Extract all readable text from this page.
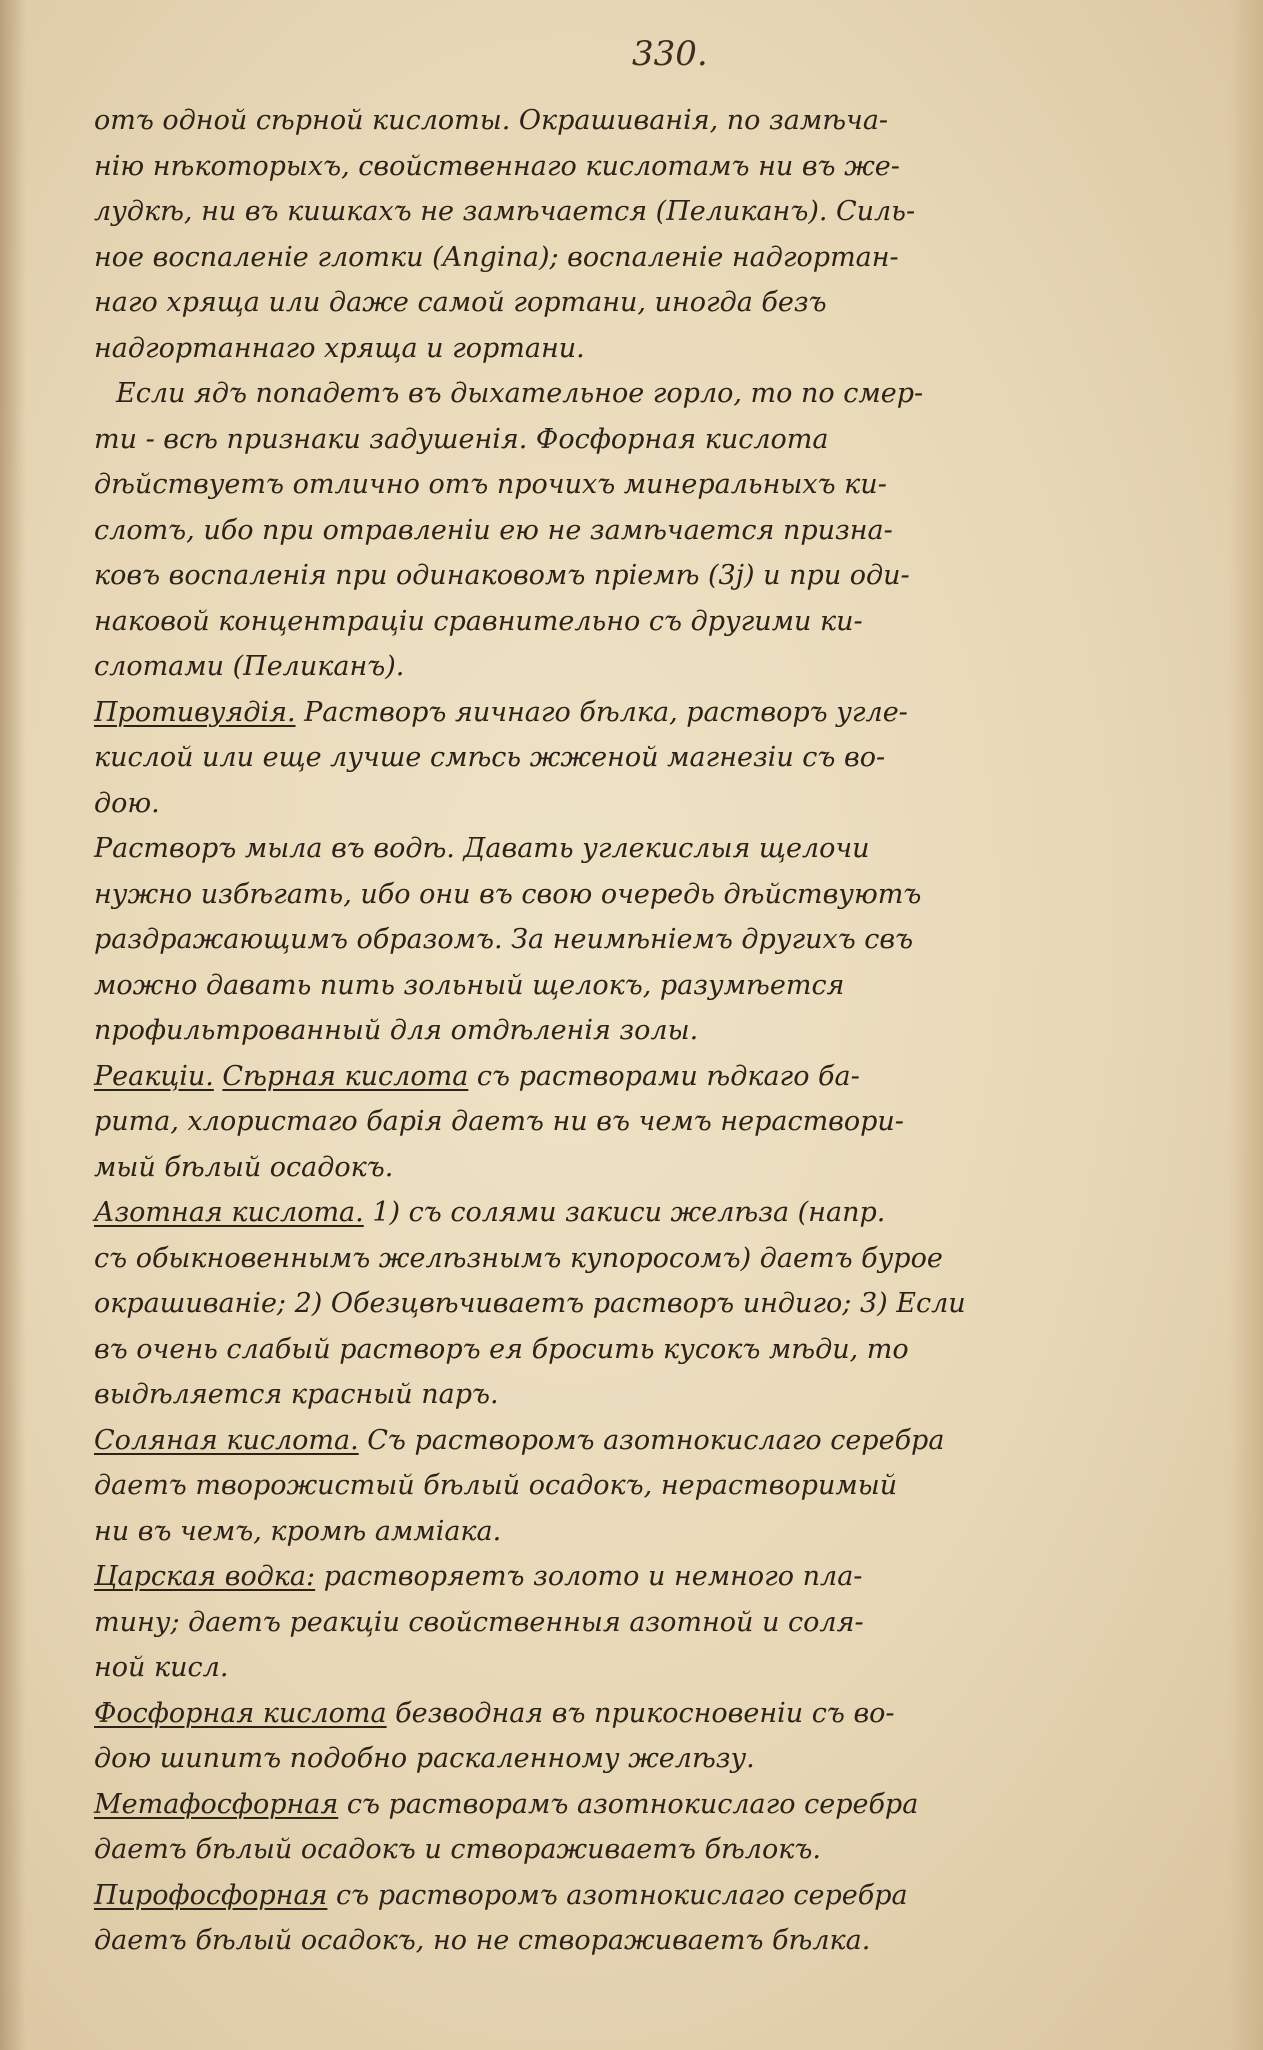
330.
отъ одной сѣрной кислоты. Окрашиванія, по замѣча-
нію нѣкоторыхъ, свойственнаго кислотамъ ни въ же-
лудкѣ, ни въ кишкахъ не замѣчается (Пеликанъ). Силь-
ное воспаленіе глотки (Angina); воспаленіе надгортан-
наго хряща или даже самой гортани, иногда безъ
надгортаннаго хряща и гортани.
Если ядъ попадетъ въ дыхательное горло, то по смер-
ти - всѣ признаки задушенія. Фосфорная кислота
дѣйствуетъ отлично отъ прочихъ минеральныхъ ки-
слотъ, ибо при отравленіи ею не замѣчается призна-
ковъ воспаленія при одинаковомъ пріемѣ (3j) и при оди-
наковой концентраціи сравнительно съ другими ки-
слотами (Пеликанъ).
Противуядія. Растворъ яичнаго бѣлка, растворъ углe-
кислой или еще лучше смѣсь жженой магнезіи съ во-
дою.
Растворъ мыла въ водѣ. Давать углекислыя щелочи
нужно избѣгать, ибо они въ свою очередь дѣйствуютъ
раздражающимъ образомъ. За неимѣніемъ другихъ свъ
можно давать пить зольный щелокъ, разумѣется
профильтрованный для отдѣленія золы.
Реакціи. Сѣрная кислота съ растворами ѣдкаго ба-
рита, хлористаго барія даетъ ни въ чемъ нераствори-
мый бѣлый осадокъ.
Азотная кислота. 1) съ солями закиси желѣза (напр.
съ обыкновеннымъ желѣзнымъ купоросомъ) даетъ бурое
окрашиваніе; 2) Обезцвѣчиваетъ растворъ индиго; 3) Если
въ очень слабый растворъ ея бросить кусокъ мѣди, то
выдѣляется красный паръ.
Соляная кислота. Съ растворомъ азотнокислаго серебра
даетъ творожистый бѣлый осадокъ, нерастворимый
ни въ чемъ, кромѣ аммiака.
Царская водка: растворяетъ золото и немного пла-
тину; даетъ реакціи свойственныя азотной и соля-
ной кисл.
Фосфорная кислота безводная въ прикосновеніи съ во-
дою шипитъ подобно раскаленному желѣзу.
Метафосфорная съ растворамъ азотнокислаго серебра
даетъ бѣлый осадокъ и створаживаетъ бѣлокъ.
Пирофосфорная съ растворомъ азотнокислаго серебра
даетъ бѣлый осадокъ, но не створаживаетъ бѣлка.
